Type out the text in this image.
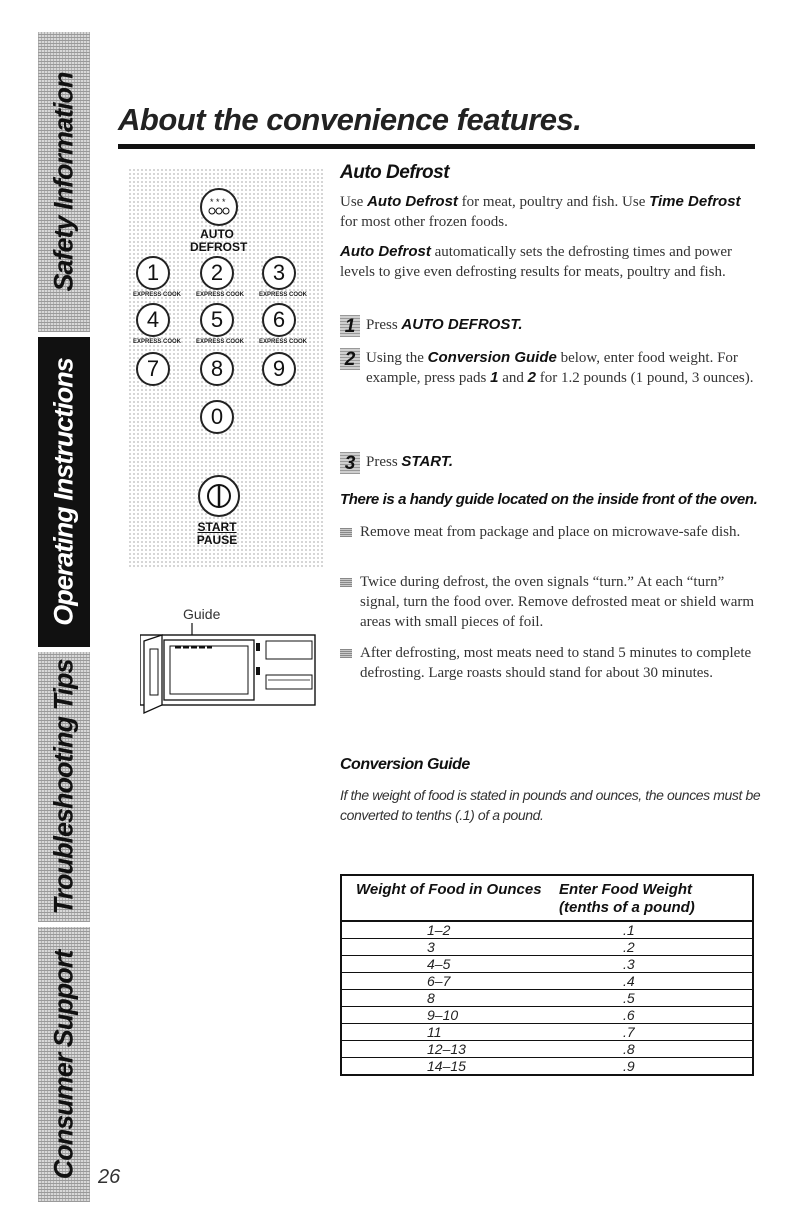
Safety Information
Operating Instructions
Troubleshooting Tips
Consumer Support 26
About the convenience features.
* * *
AUTO
DEFROST
1	2	3
EXPRESS COOK EXPRESS COOK EXPRESS COOK
4	5	6
EXPRESS COOK EXPRESS COOK EXPRESS COOK
7	8	9
0
START
PAUSE
Guide
Auto Defrost
Use Auto Defrost for meat, poultry and fish. Use Time Defrost for most other frozen foods.
Auto Defrost automatically sets the defrosting times and power levels to give even defrosting results for meats, poultry and fish.
1 Press AUTO DEFROST.
2 Using the Conversion Guide below, enter food weight. For example, press pads 1 and 2 for 1.2 pounds (1 pound, 3 ounces).
3 Press START.
There is a handy guide located on the inside front of the oven.
Remove meat from package and place on microwave-safe dish.
Twice during defrost, the oven signals “turn.” At each “turn” signal, turn the food over. Remove defrosted meat or shield warm areas with small pieces of foil.
After defrosting, most meats need to stand 5 minutes to complete defrosting. Large roasts should stand for about 30 minutes.
Conversion Guide
If the weight of food is stated in pounds and ounces, the ounces must be converted to tenths (.1) of a pound.
Weight of Food in Ounces	Enter Food Weight
(tenths of a pound)

1–2	.1
3	.2
4–5	.3
6–7	.4
8	.5
9–10	.6
11	.7
12–13	.8
14–15	.9
